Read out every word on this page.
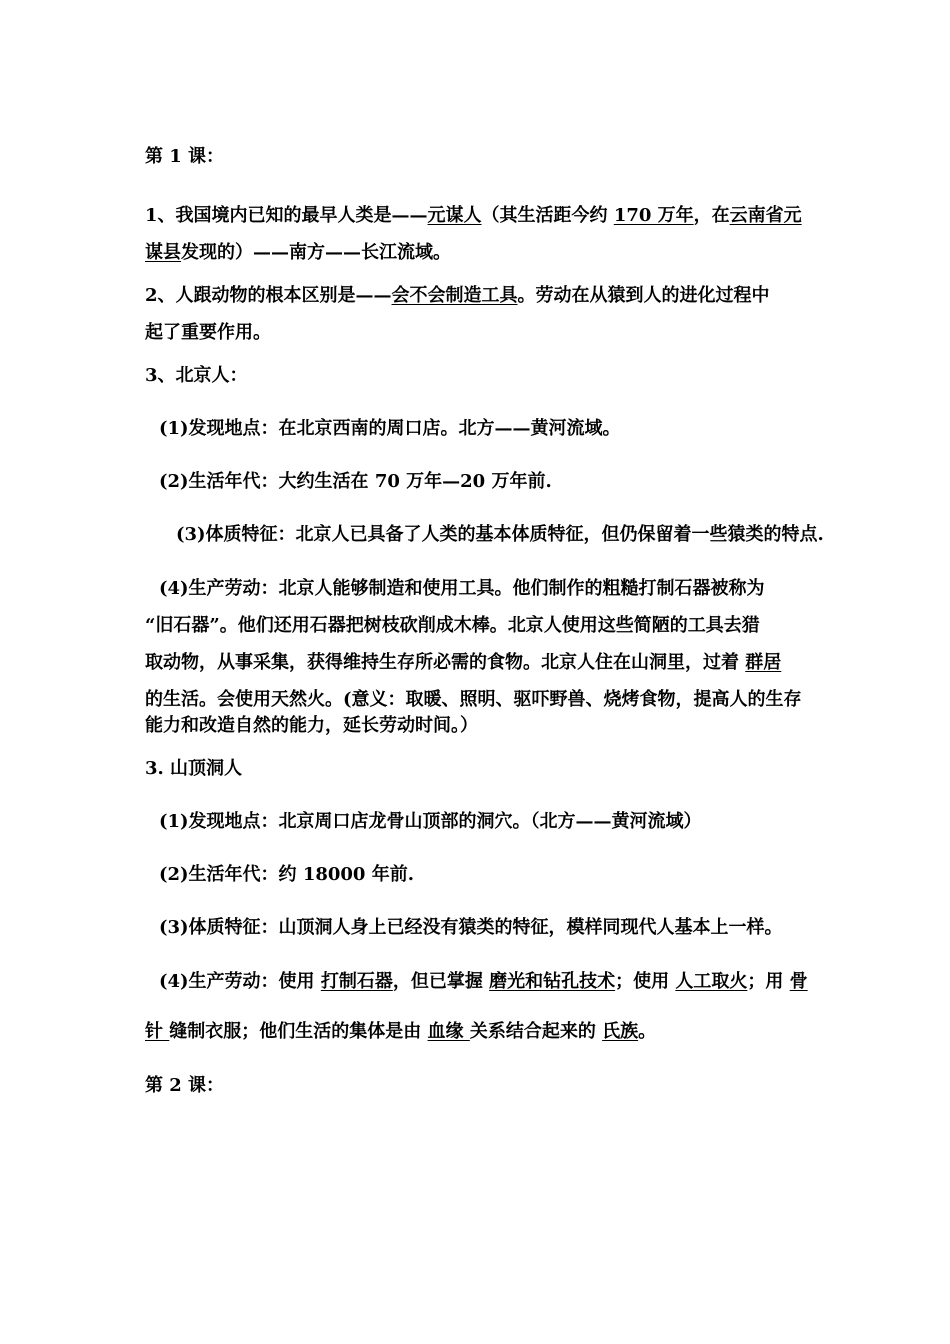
第 1 课：
1、我国境内已知的最早人类是——元谋人（其生活距今约 170 万年，在云南省元
谋县发现的）——南方——长江流域。
2、人跟动物的根本区别是——会不会制造工具。劳动在从猿到人的进化过程中
起了重要作用。
3、北京人：
(1)发现地点：在北京西南的周口店。北方——黄河流域。
(2)生活年代：大约生活在 70 万年—20 万年前.
(3)体质特征：北京人已具备了人类的基本体质特征，但仍保留着一些猿类的特点.
(4)生产劳动：北京人能够制造和使用工具。他们制作的粗糙打制石器被称为
“旧石器”。他们还用石器把树枝砍削成木棒。北京人使用这些简陋的工具去猎
取动物，从事采集，获得维持生存所必需的食物。北京人住在山洞里，过着 群居
的生活。会使用天然火。(意义：取暖、照明、驱吓野兽、烧烤食物，提高人的生存
能力和改造自然的能力，延长劳动时间。）
3. 山顶洞人
(1)发现地点：北京周口店龙骨山顶部的洞穴。（北方——黄河流域）
(2)生活年代：约 18000 年前.
(3)体质特征：山顶洞人身上已经没有猿类的特征，模样同现代人基本上一样。
(4)生产劳动：使用 打制石器，但已掌握 磨光和钻孔技术；使用 人工取火；用 骨
针 缝制衣服；他们生活的集体是由 血缘 关系结合起来的 氏族。
第 2 课：
